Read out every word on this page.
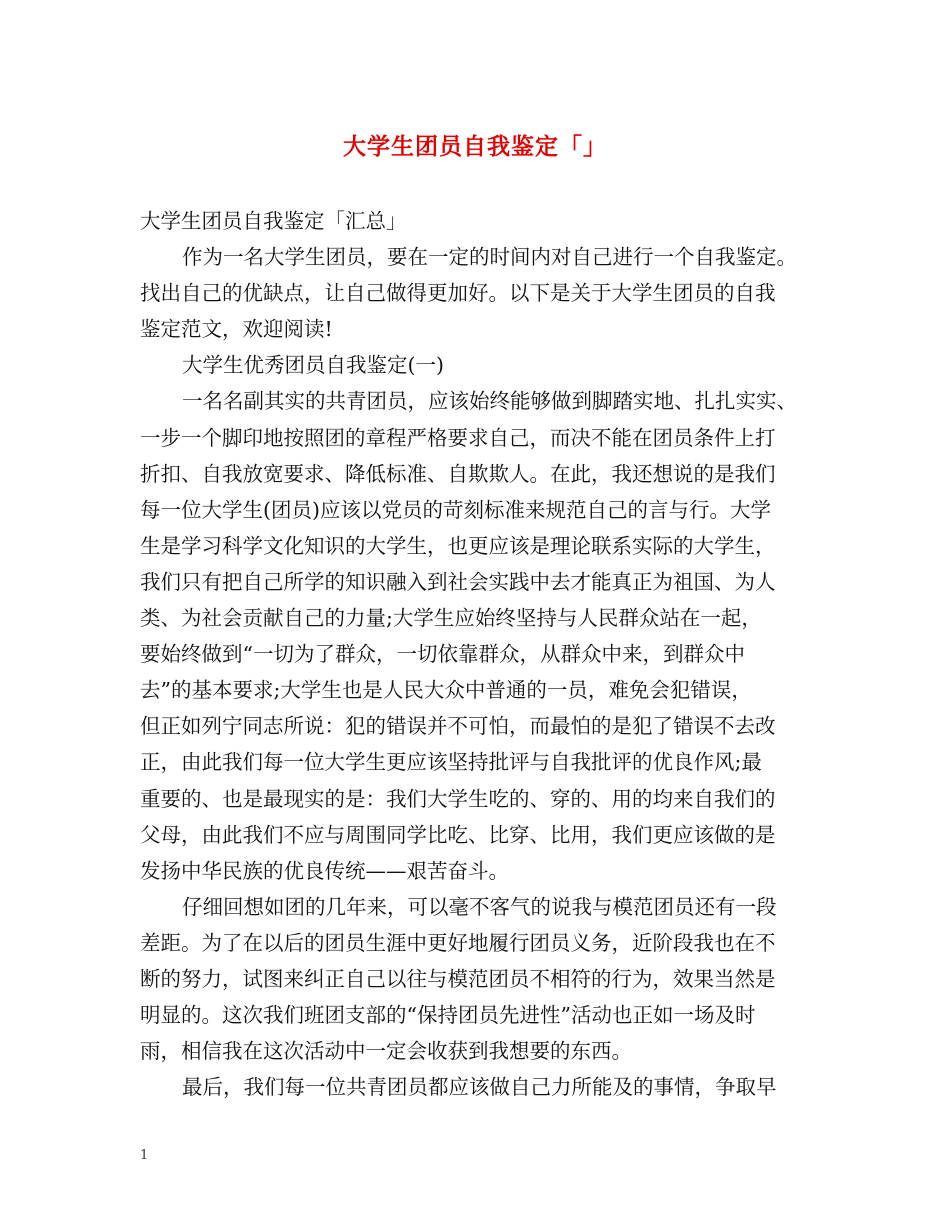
大学生团员自我鉴定「」
大学生团员自我鉴定「汇总」
作为一名大学生团员，要在一定的时间内对自己进行一个自我鉴定。
找出自己的优缺点，让自己做得更加好。以下是关于大学生团员的自我
鉴定范文，欢迎阅读!
大学生优秀团员自我鉴定(一)
一名名副其实的共青团员，应该始终能够做到脚踏实地、扎扎实实、
一步一个脚印地按照团的章程严格要求自己，而决不能在团员条件上打
折扣、自我放宽要求、降低标准、自欺欺人。在此，我还想说的是我们
每一位大学生(团员)应该以党员的苛刻标准来规范自己的言与行。大学
生是学习科学文化知识的大学生，也更应该是理论联系实际的大学生，
我们只有把自己所学的知识融入到社会实践中去才能真正为祖国、为人
类、为社会贡献自己的力量;大学生应始终坚持与人民群众站在一起，
要始终做到“一切为了群众，一切依靠群众，从群众中来，到群众中
去”的基本要求;大学生也是人民大众中普通的一员，难免会犯错误，
但正如列宁同志所说：犯的错误并不可怕，而最怕的是犯了错误不去改
正，由此我们每一位大学生更应该坚持批评与自我批评的优良作风;最
重要的、也是最现实的是：我们大学生吃的、穿的、用的均来自我们的
父母，由此我们不应与周围同学比吃、比穿、比用，我们更应该做的是
发扬中华民族的优良传统——艰苦奋斗。
仔细回想如团的几年来，可以毫不客气的说我与模范团员还有一段
差距。为了在以后的团员生涯中更好地履行团员义务，近阶段我也在不
断的努力，试图来纠正自己以往与模范团员不相符的行为，效果当然是
明显的。这次我们班团支部的“保持团员先进性”活动也正如一场及时
雨，相信我在这次活动中一定会收获到我想要的东西。
最后，我们每一位共青团员都应该做自己力所能及的事情，争取早
1
